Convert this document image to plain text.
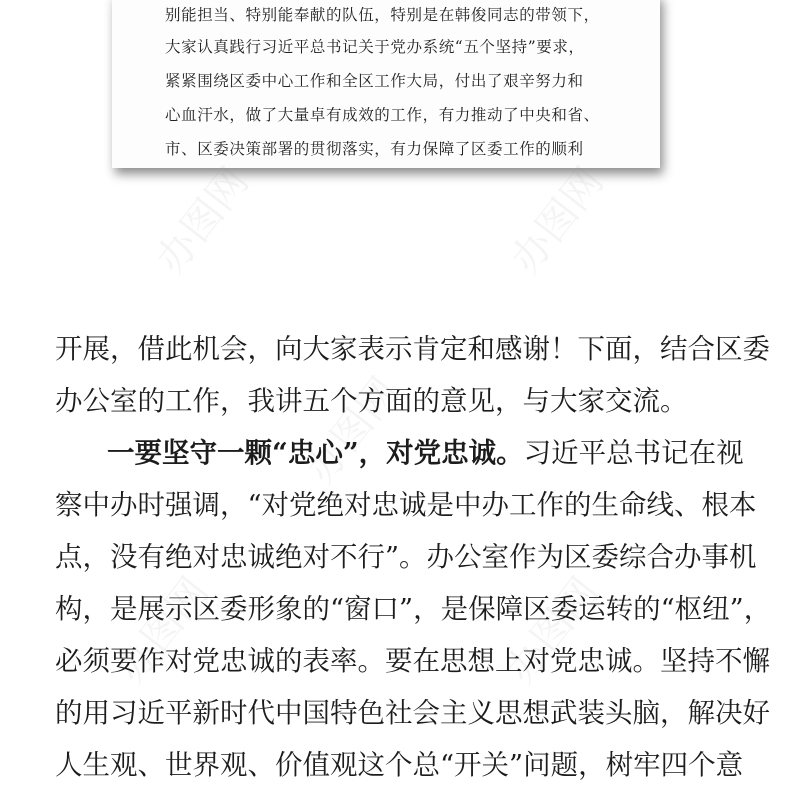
别能担当、特别能奉献的队伍，特别是在韩俊同志的带领下，
大家认真践行习近平总书记关于党办系统“五个坚持”要求，
紧紧围绕区委中心工作和全区工作大局，付出了艰辛努力和
心血汗水，做了大量卓有成效的工作，有力推动了中央和省、
市、区委决策部署的贯彻落实，有力保障了区委工作的顺利
办图网	办图网
办图网
办图网	办图网
开展，借此机会，向大家表示肯定和感谢！下面，结合区委
办公室的工作，我讲五个方面的意见，与大家交流。
一要坚守一颗“忠心”，对党忠诚。习近平总书记在视
察中办时强调，“对党绝对忠诚是中办工作的生命线、根本
点，没有绝对忠诚绝对不行”。办公室作为区委综合办事机
构，是展示区委形象的“窗口”，是保障区委运转的“枢纽”，
必须要作对党忠诚的表率。要在思想上对党忠诚。坚持不懈
的用习近平新时代中国特色社会主义思想武装头脑，解决好
人生观、世界观、价值观这个总“开关”问题，树牢四个意
